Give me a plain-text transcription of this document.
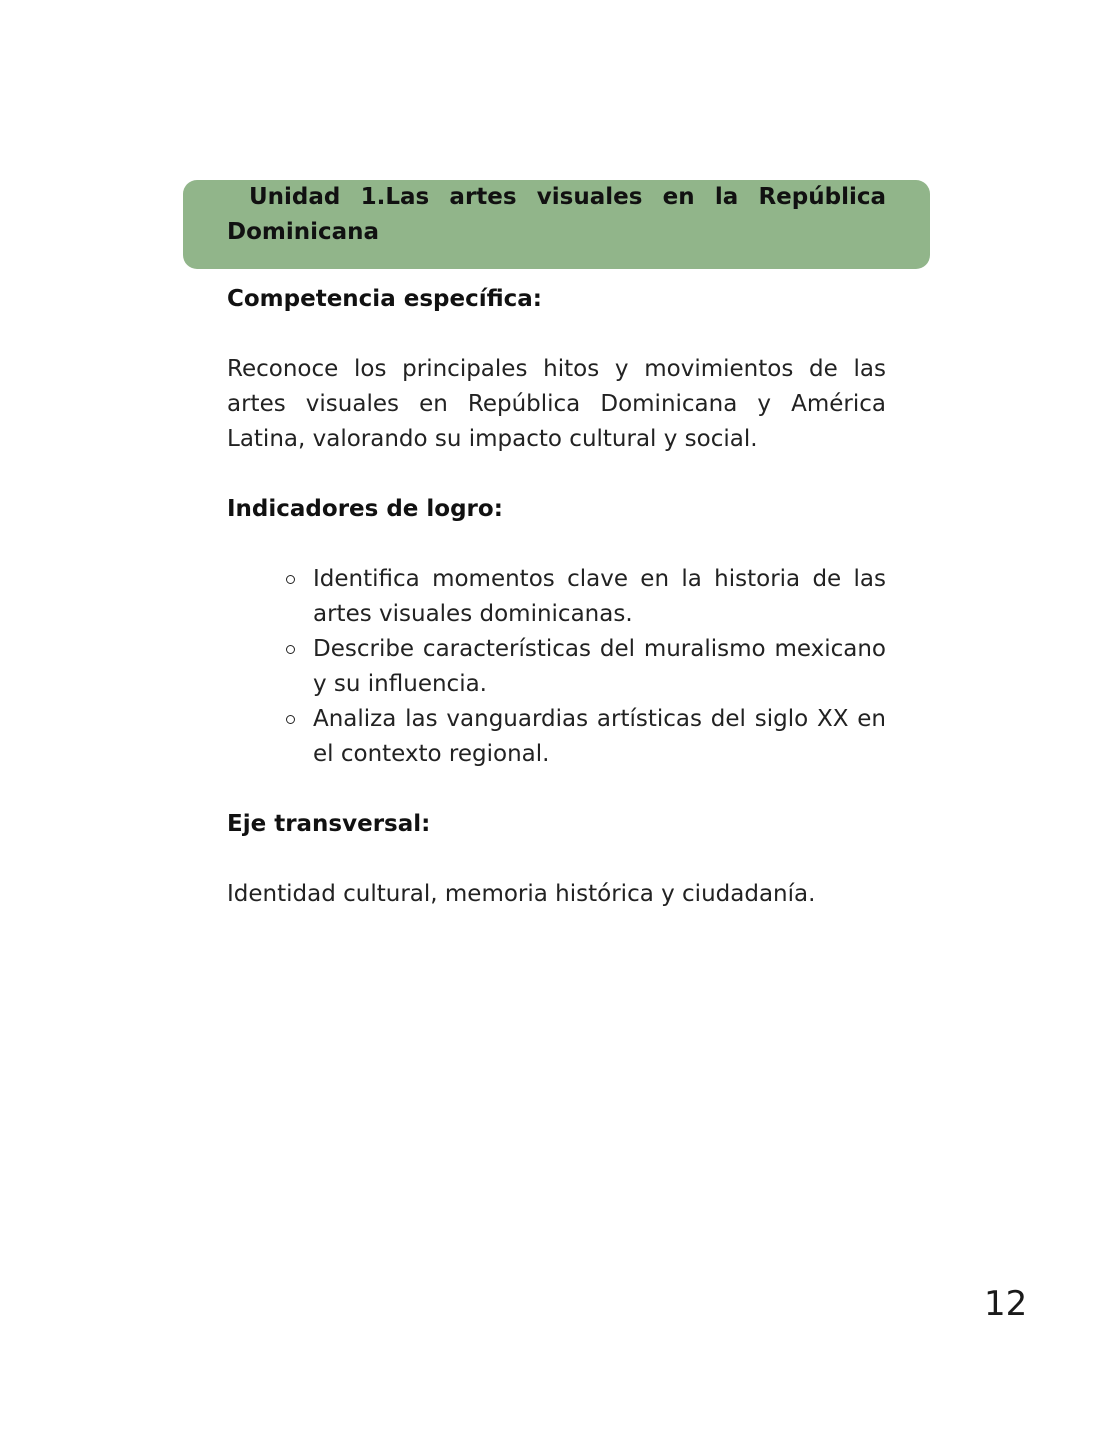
Unidad 1.Las artes visuales en la República Dominicana
Competencia específica:

Reconoce los principales hitos y movimientos de las artes visuales en República Dominicana y América Latina, valorando su impacto cultural y social.

Indicadores de logro:
Identifica momentos clave en la historia de las artes visuales dominicanas.
Describe características del muralismo mexicano y su influencia.
Analiza las vanguardias artísticas del siglo XX en el contexto regional.
Eje transversal:

Identidad cultural, memoria histórica y ciudadanía.

12
